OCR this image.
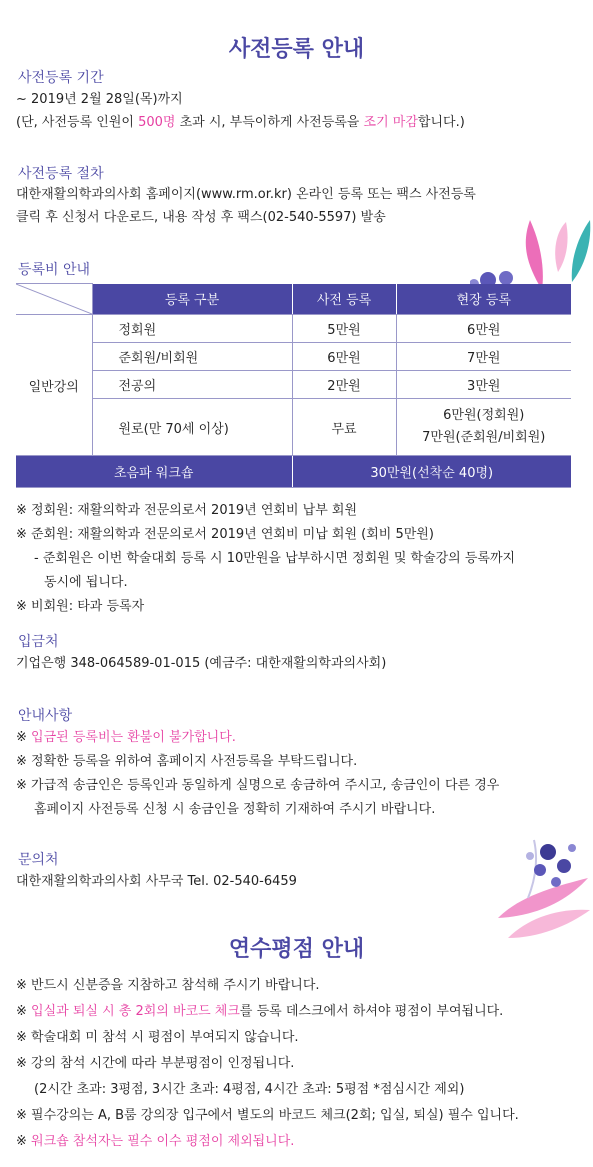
사전등록 안내
사전등록 기간
~ 2019년 2월 28일(목)까지
(단, 사전등록 인원이 500명 초과 시, 부득이하게 사전등록을 조기 마감합니다.)
사전등록 절차
대한재활의학과의사회 홈페이지(www.rm.or.kr) 온라인 등록 또는 팩스 사전등록
클릭 후 신청서 다운로드, 내용 작성 후 팩스(02-540-5597) 발송
등록비 안내
	등록 구분	사전 등록	현장 등록
일반강의	정회원	5만원	6만원
	준회원/비회원	6만원	7만원
	전공의	2만원	3만원
	원로(만 70세 이상)	무료	6만원(정회원)
7만원(준회원/비회원)

초음파 워크숍		30만원(선착순 40명)	
※ 정회원: 재활의학과 전문의로서 2019년 연회비 납부 회원
※ 준회원: 재활의학과 전문의로서 2019년 연회비 미납 회원 (회비 5만원)
- 준회원은 이번 학술대회 등록 시 10만원을 납부하시면 정회원 및 학술강의 등록까지
동시에 됩니다.
※ 비회원: 타과 등록자
입금처
기업은행 348-064589-01-015 (예금주: 대한재활의학과의사회)
안내사항
※ 입금된 등록비는 환불이 불가합니다.
※ 정확한 등록을 위하여 홈페이지 사전등록을 부탁드립니다.
※ 가급적 송금인은 등록인과 동일하게 실명으로 송금하여 주시고, 송금인이 다른 경우
홈페이지 사전등록 신청 시 송금인을 정확히 기재하여 주시기 바랍니다.
문의처
대한재활의학과의사회 사무국 Tel. 02-540-6459
연수평점 안내
※ 반드시 신분증을 지참하고 참석해 주시기 바랍니다.
※ 입실과 퇴실 시 총 2회의 바코드 체크를 등록 데스크에서 하셔야 평점이 부여됩니다.
※ 학술대회 미 참석 시 평점이 부여되지 않습니다.
※ 강의 참석 시간에 따라 부분평점이 인정됩니다.
(2시간 초과: 3평점, 3시간 초과: 4평점, 4시간 초과: 5평점 *점심시간 제외)
※ 필수강의는 A, B룸 강의장 입구에서 별도의 바코드 체크(2회; 입실, 퇴실) 필수 입니다.
※ 워크숍 참석자는 필수 이수 평점이 제외됩니다.
